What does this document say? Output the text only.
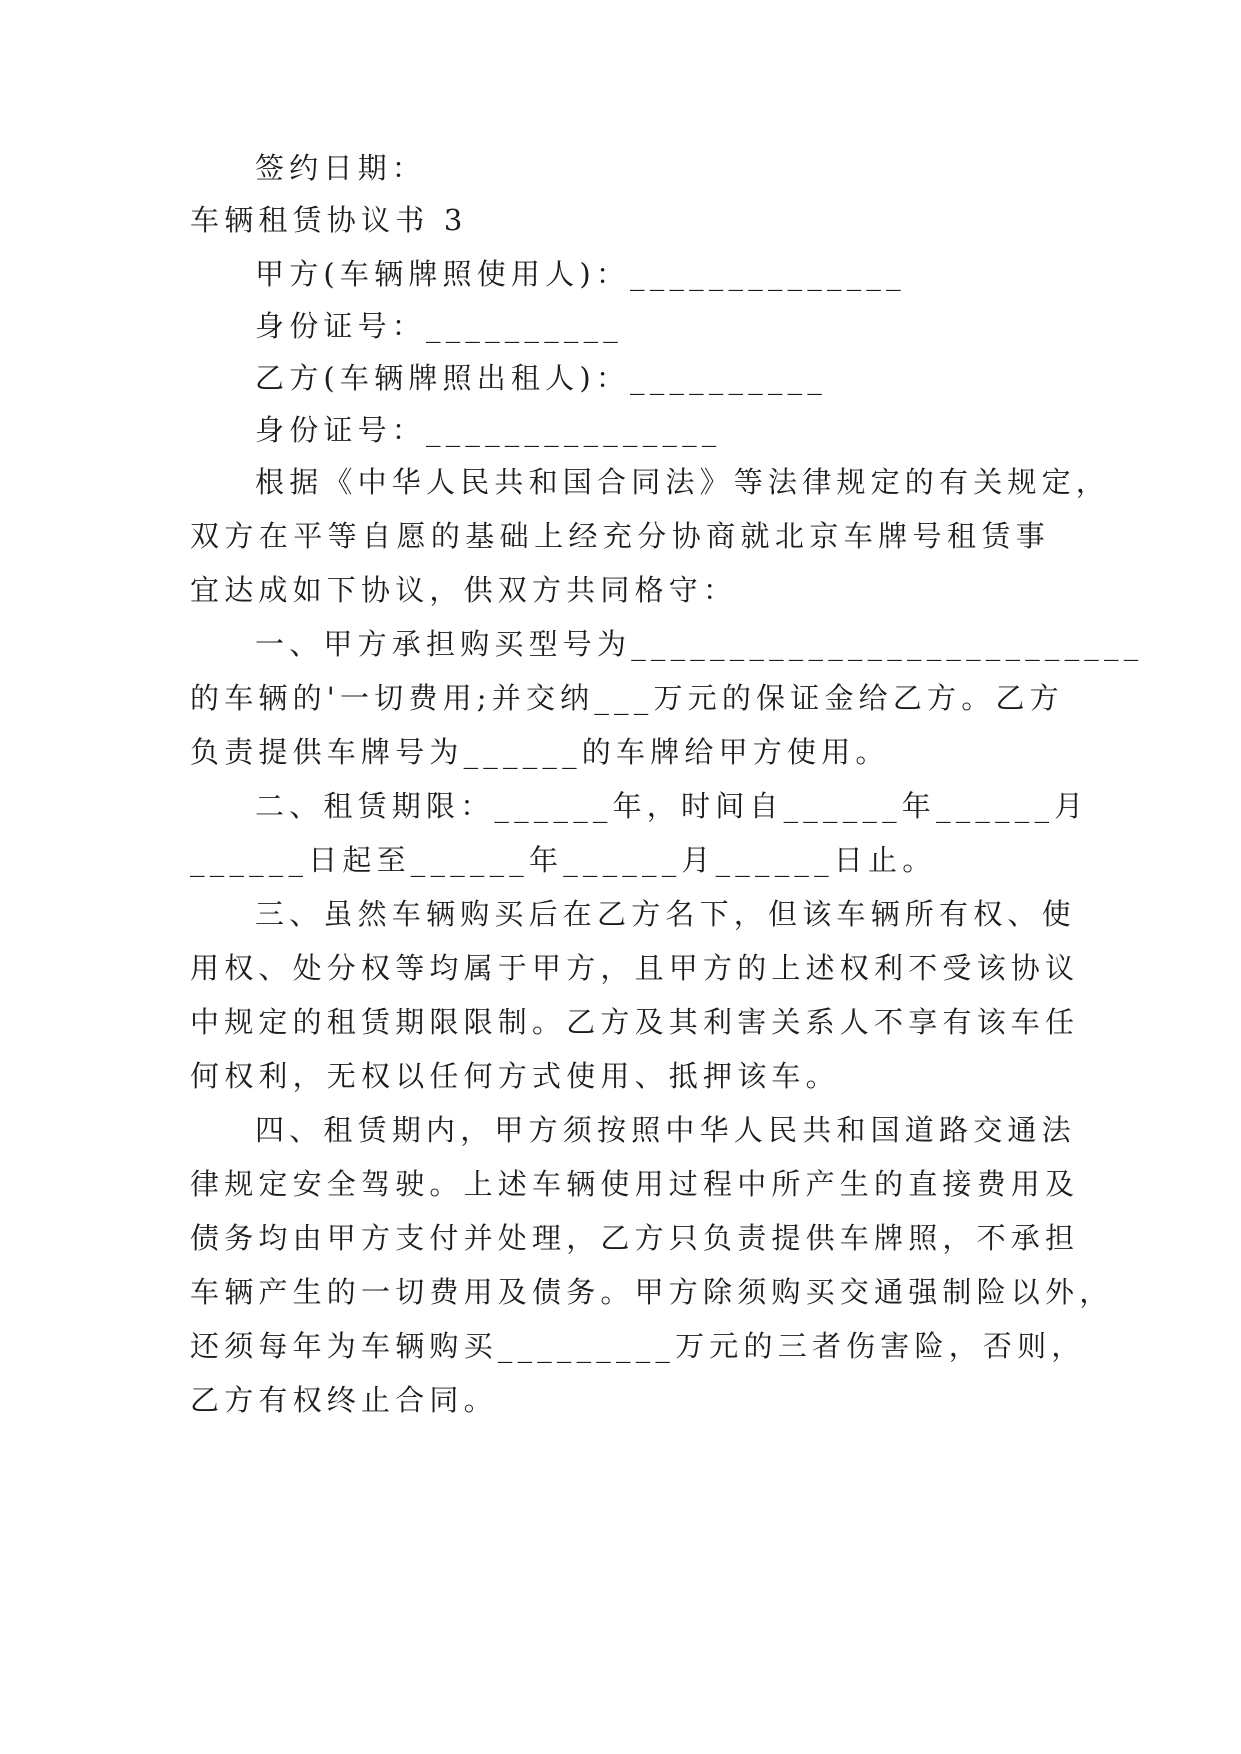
签约日期：
车辆租赁协议书 3
甲方(车辆牌照使用人)：______________
身份证号：__________
乙方(车辆牌照出租人)：__________
身份证号：_______________
根据《中华人民共和国合同法》等法律规定的有关规定，
双方在平等自愿的基础上经充分协商就北京车牌号租赁事
宜达成如下协议，供双方共同格守：
一、甲方承担购买型号为__________________________
的车辆的'一切费用;并交纳___万元的保证金给乙方。乙方
负责提供车牌号为______的车牌给甲方使用。
二、租赁期限：______年，时间自______年______月
______日起至______年______月______日止。
三、虽然车辆购买后在乙方名下，但该车辆所有权、使
用权、处分权等均属于甲方，且甲方的上述权利不受该协议
中规定的租赁期限限制。乙方及其利害关系人不享有该车任
何权利，无权以任何方式使用、抵押该车。
四、租赁期内，甲方须按照中华人民共和国道路交通法
律规定安全驾驶。上述车辆使用过程中所产生的直接费用及
债务均由甲方支付并处理，乙方只负责提供车牌照，不承担
车辆产生的一切费用及债务。甲方除须购买交通强制险以外，
还须每年为车辆购买_________万元的三者伤害险，否则，
乙方有权终止合同。
